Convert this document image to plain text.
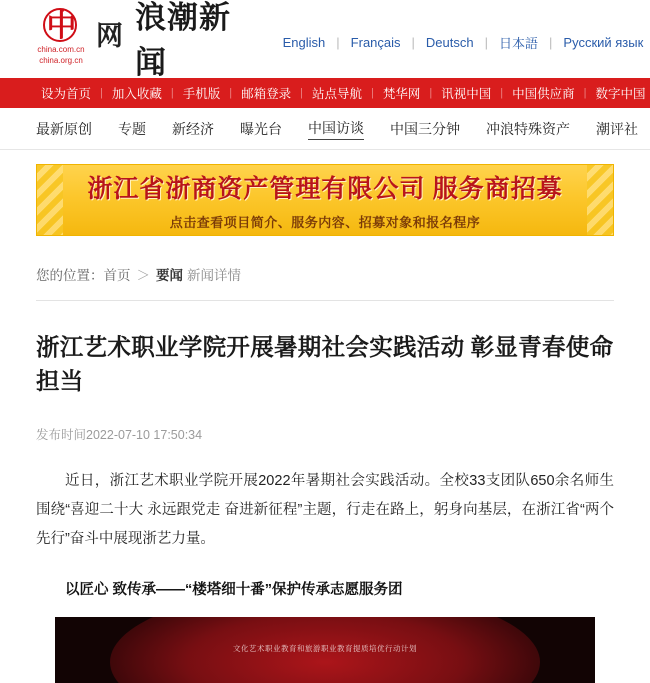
中
china.com.cn
china.org.cn
网
浪潮新闻
English | Français | Deutsch | 日本語 | Русский язык
设为首页 | 加入收藏 | 手机版 | 邮箱登录 | 站点导航 | 梵华网 | 讯视中国 | 中国供应商 | 数字中国
最新原创 专题 新经济 曝光台 中国访谈 中国三分钟 冲浪特殊资产 潮评社
浙江省浙商资产管理有限公司 服务商招募
点击查看项目简介、服务内容、招募对象和报名程序
您的位置：首页 ＞ 要闻 新闻详情
浙江艺术职业学院开展暑期社会实践活动 彰显青春使命担当
发布时间2022-07-10 17:50:34

近日，浙江艺术职业学院开展2022年暑期社会实践活动。全校33支团队650余名师生围绕“喜迎二十大 永远跟党走 奋进新征程”主题，行走在路上，躬身向基层，在浙江省“两个先行”奋斗中展现浙艺力量。

以匠心 致传承——“楼塔细十番”保护传承志愿服务团

文化艺术职业教育和旅游职业教育提质培优行动计划
